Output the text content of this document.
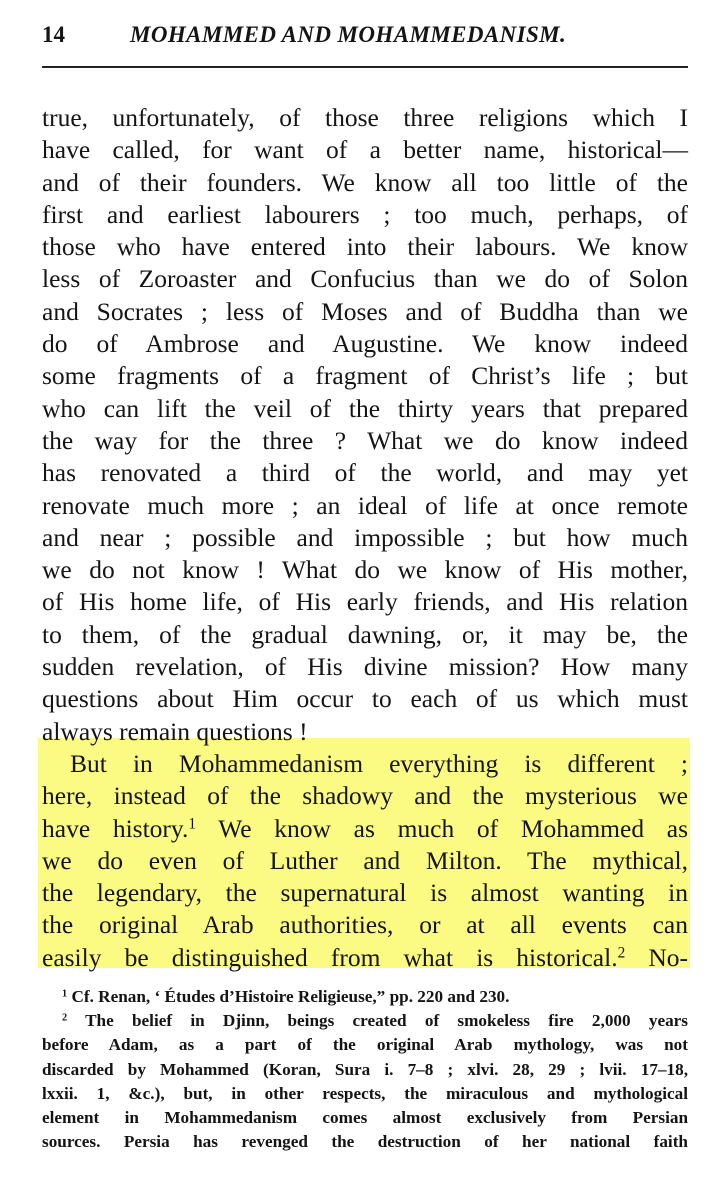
14	MOHAMMED AND MOHAMMEDANISM.
true, unfortunately, of those three religions which I
have called, for want of a better name, historical—
and of their founders. We know all too little of the
first and earliest labourers ; too much, perhaps, of
those who have entered into their labours. We know
less of Zoroaster and Confucius than we do of Solon
and Socrates ; less of Moses and of Buddha than we
do of Ambrose and Augustine. We know indeed
some fragments of a fragment of Christ’s life ; but
who can lift the veil of the thirty years that prepared
the way for the three ? What we do know indeed
has renovated a third of the world, and may yet
renovate much more ; an ideal of life at once remote
and near ; possible and impossible ; but how much
we do not know ! What do we know of His mother,
of His home life, of His early friends, and His relation
to them, of the gradual dawning, or, it may be, the
sudden revelation, of His divine mission? How many
questions about Him occur to each of us which must
always remain questions !
But in Mohammedanism everything is different ;
here, instead of the shadowy and the mysterious we
have history.$^1$ We know as much of Mohammed as
we do even of Luther and Milton. The mythical,
the legendary, the supernatural is almost wanting in
the original Arab authorities, or at all events can
easily be distinguished from what is historical.$^2$ No-
$^1$ Cf. Renan, ‘ Études d’Histoire Religieuse,” pp. 220 and 230.
$^2$ The belief in Djinn, beings created of smokeless fire 2,000 years
before Adam, as a part of the original Arab mythology, was not
discarded by Mohammed (Koran, Sura i. 7–8 ; xlvi. 28, 29 ; lvii. 17–18,
lxxii. 1, &c.), but, in other respects, the miraculous and mythological
element in Mohammedanism comes almost exclusively from Persian
sources. Persia has revenged the destruction of her national faith
